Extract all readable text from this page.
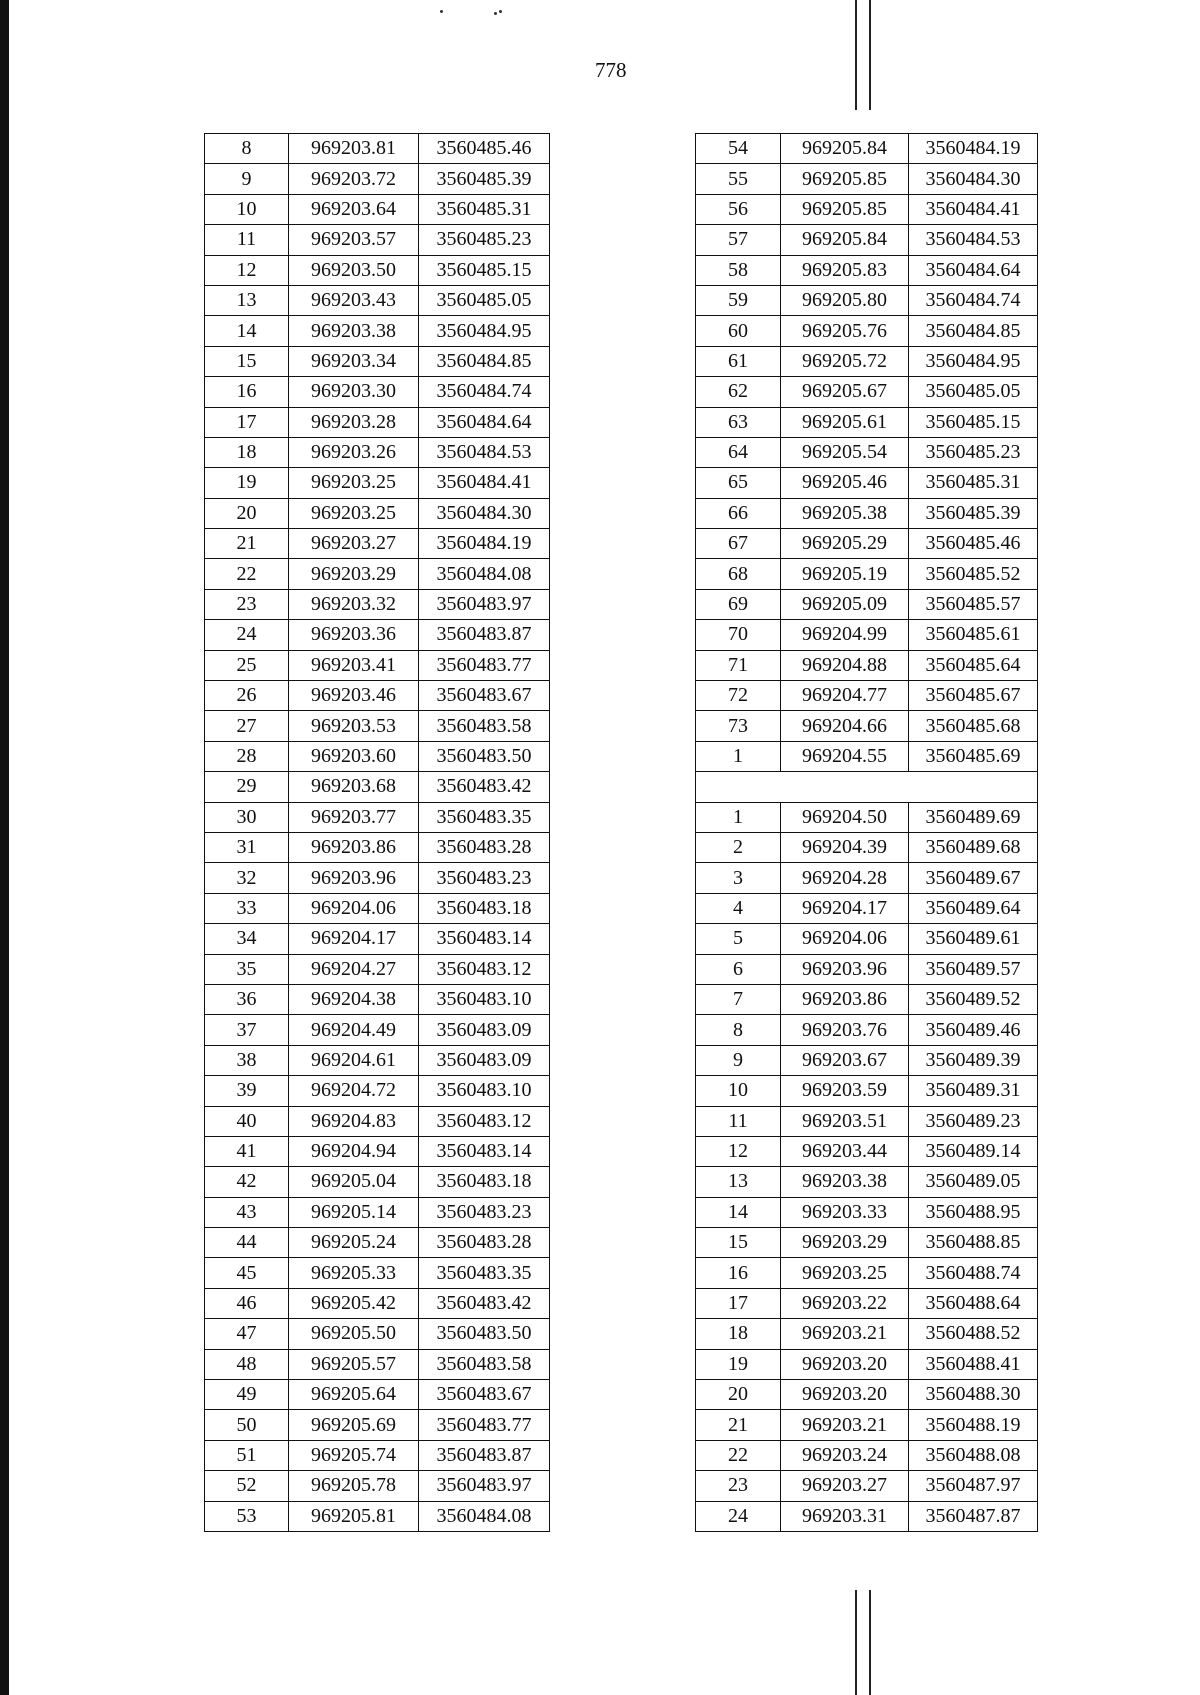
778
8	969203.81	3560485.46
9	969203.72	3560485.39
10	969203.64	3560485.31
11	969203.57	3560485.23
12	969203.50	3560485.15
13	969203.43	3560485.05
14	969203.38	3560484.95
15	969203.34	3560484.85
16	969203.30	3560484.74
17	969203.28	3560484.64
18	969203.26	3560484.53
19	969203.25	3560484.41
20	969203.25	3560484.30
21	969203.27	3560484.19
22	969203.29	3560484.08
23	969203.32	3560483.97
24	969203.36	3560483.87
25	969203.41	3560483.77
26	969203.46	3560483.67
27	969203.53	3560483.58
28	969203.60	3560483.50
29	969203.68	3560483.42
30	969203.77	3560483.35
31	969203.86	3560483.28
32	969203.96	3560483.23
33	969204.06	3560483.18
34	969204.17	3560483.14
35	969204.27	3560483.12
36	969204.38	3560483.10
37	969204.49	3560483.09
38	969204.61	3560483.09
39	969204.72	3560483.10
40	969204.83	3560483.12
41	969204.94	3560483.14
42	969205.04	3560483.18
43	969205.14	3560483.23
44	969205.24	3560483.28
45	969205.33	3560483.35
46	969205.42	3560483.42
47	969205.50	3560483.50
48	969205.57	3560483.58
49	969205.64	3560483.67
50	969205.69	3560483.77
51	969205.74	3560483.87
52	969205.78	3560483.97
53	969205.81	3560484.08
54	969205.84	3560484.19
55	969205.85	3560484.30
56	969205.85	3560484.41
57	969205.84	3560484.53
58	969205.83	3560484.64
59	969205.80	3560484.74
60	969205.76	3560484.85
61	969205.72	3560484.95
62	969205.67	3560485.05
63	969205.61	3560485.15
64	969205.54	3560485.23
65	969205.46	3560485.31
66	969205.38	3560485.39
67	969205.29	3560485.46
68	969205.19	3560485.52
69	969205.09	3560485.57
70	969204.99	3560485.61
71	969204.88	3560485.64
72	969204.77	3560485.67
73	969204.66	3560485.68
1	969204.55	3560485.69

1	969204.50	3560489.69
2	969204.39	3560489.68
3	969204.28	3560489.67
4	969204.17	3560489.64
5	969204.06	3560489.61
6	969203.96	3560489.57
7	969203.86	3560489.52
8	969203.76	3560489.46
9	969203.67	3560489.39
10	969203.59	3560489.31
11	969203.51	3560489.23
12	969203.44	3560489.14
13	969203.38	3560489.05
14	969203.33	3560488.95
15	969203.29	3560488.85
16	969203.25	3560488.74
17	969203.22	3560488.64
18	969203.21	3560488.52
19	969203.20	3560488.41
20	969203.20	3560488.30
21	969203.21	3560488.19
22	969203.24	3560488.08
23	969203.27	3560487.97
24	969203.31	3560487.87
